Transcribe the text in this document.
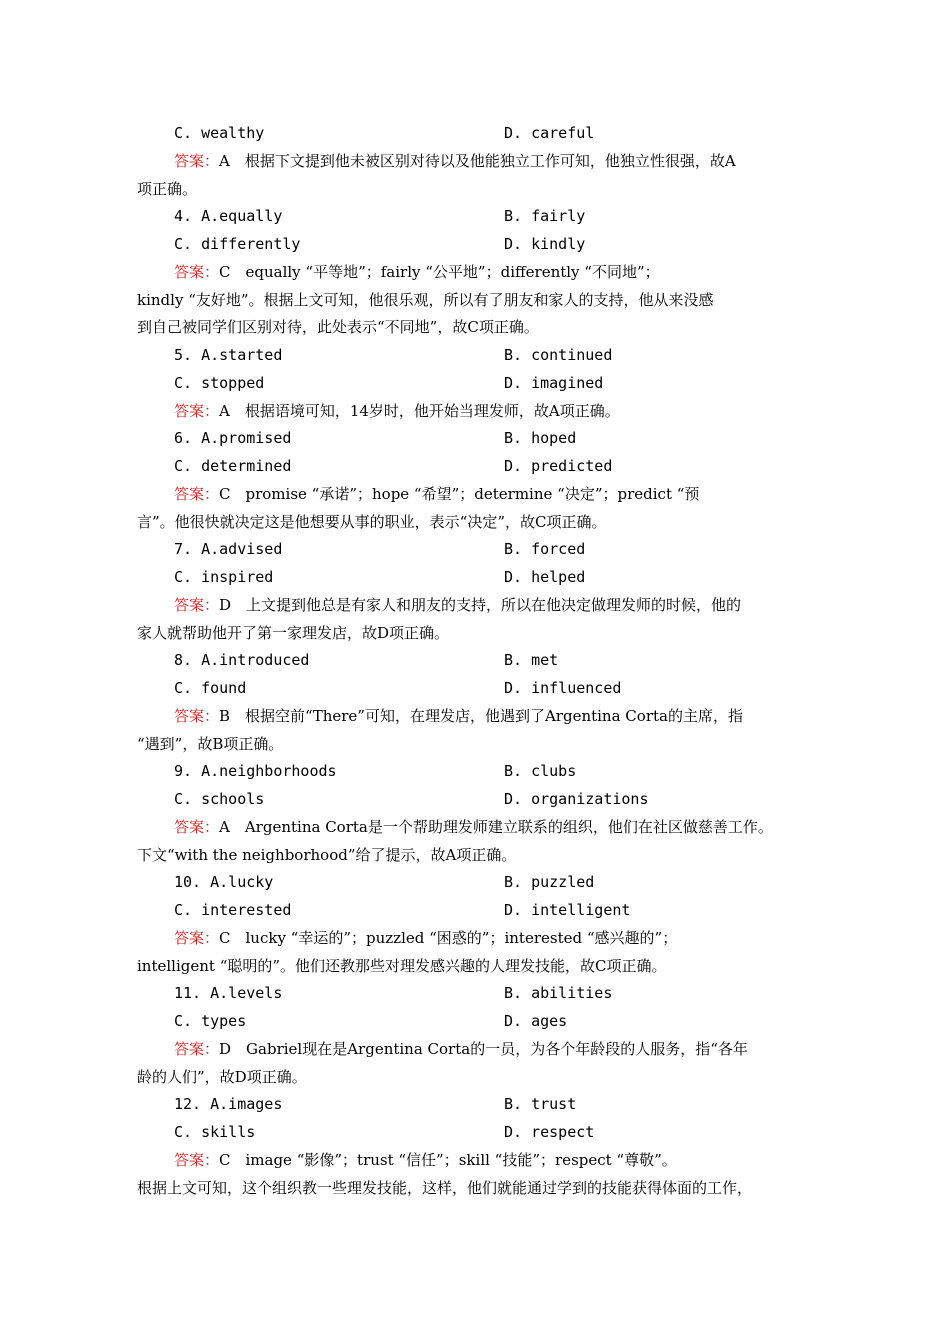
C. wealthy	D. careful
答案：A　根据下文提到他未被区别对待以及他能独立工作可知，他独立性很强，故A
项正确。
4. A.equally	B. fairly
C. differently	D. kindly
答案：C　equally “平等地”；fairly “公平地”；differently “不同地”；
kindly “友好地”。根据上文可知，他很乐观，所以有了朋友和家人的支持，他从来没感
到自己被同学们区别对待，此处表示“不同地”，故C项正确。
5. A.started	B. continued
C. stopped	D. imagined
答案：A　根据语境可知，14岁时，他开始当理发师，故A项正确。
6. A.promised	B. hoped
C. determined	D. predicted
答案：C　promise “承诺”；hope “希望”；determine “决定”；predict “预
言”。他很快就决定这是他想要从事的职业，表示“决定”，故C项正确。
7. A.advised	B. forced
C. inspired	D. helped
答案：D　上文提到他总是有家人和朋友的支持，所以在他决定做理发师的时候，他的
家人就帮助他开了第一家理发店，故D项正确。
8. A.introduced	B. met
C. found	D. influenced
答案：B　根据空前“There”可知，在理发店，他遇到了Argentina Corta的主席，指
“遇到”，故B项正确。
9. A.neighborhoods	B. clubs
C. schools	D. organizations
答案：A　Argentina Corta是一个帮助理发师建立联系的组织，他们在社区做慈善工作。
下文“with the neighborhood”给了提示，故A项正确。
10. A.lucky	B. puzzled
C. interested	D. intelligent
答案：C　lucky “幸运的”；puzzled “困惑的”；interested “感兴趣的”；
intelligent “聪明的”。他们还教那些对理发感兴趣的人理发技能，故C项正确。
11. A.levels	B. abilities
C. types	D. ages
答案：D　Gabriel现在是Argentina Corta的一员，为各个年龄段的人服务，指“各年
龄的人们”，故D项正确。
12. A.images	B. trust
C. skills	D. respect
答案：C　image “影像”；trust “信任”；skill “技能”；respect “尊敬”。
根据上文可知，这个组织教一些理发技能，这样，他们就能通过学到的技能获得体面的工作，
